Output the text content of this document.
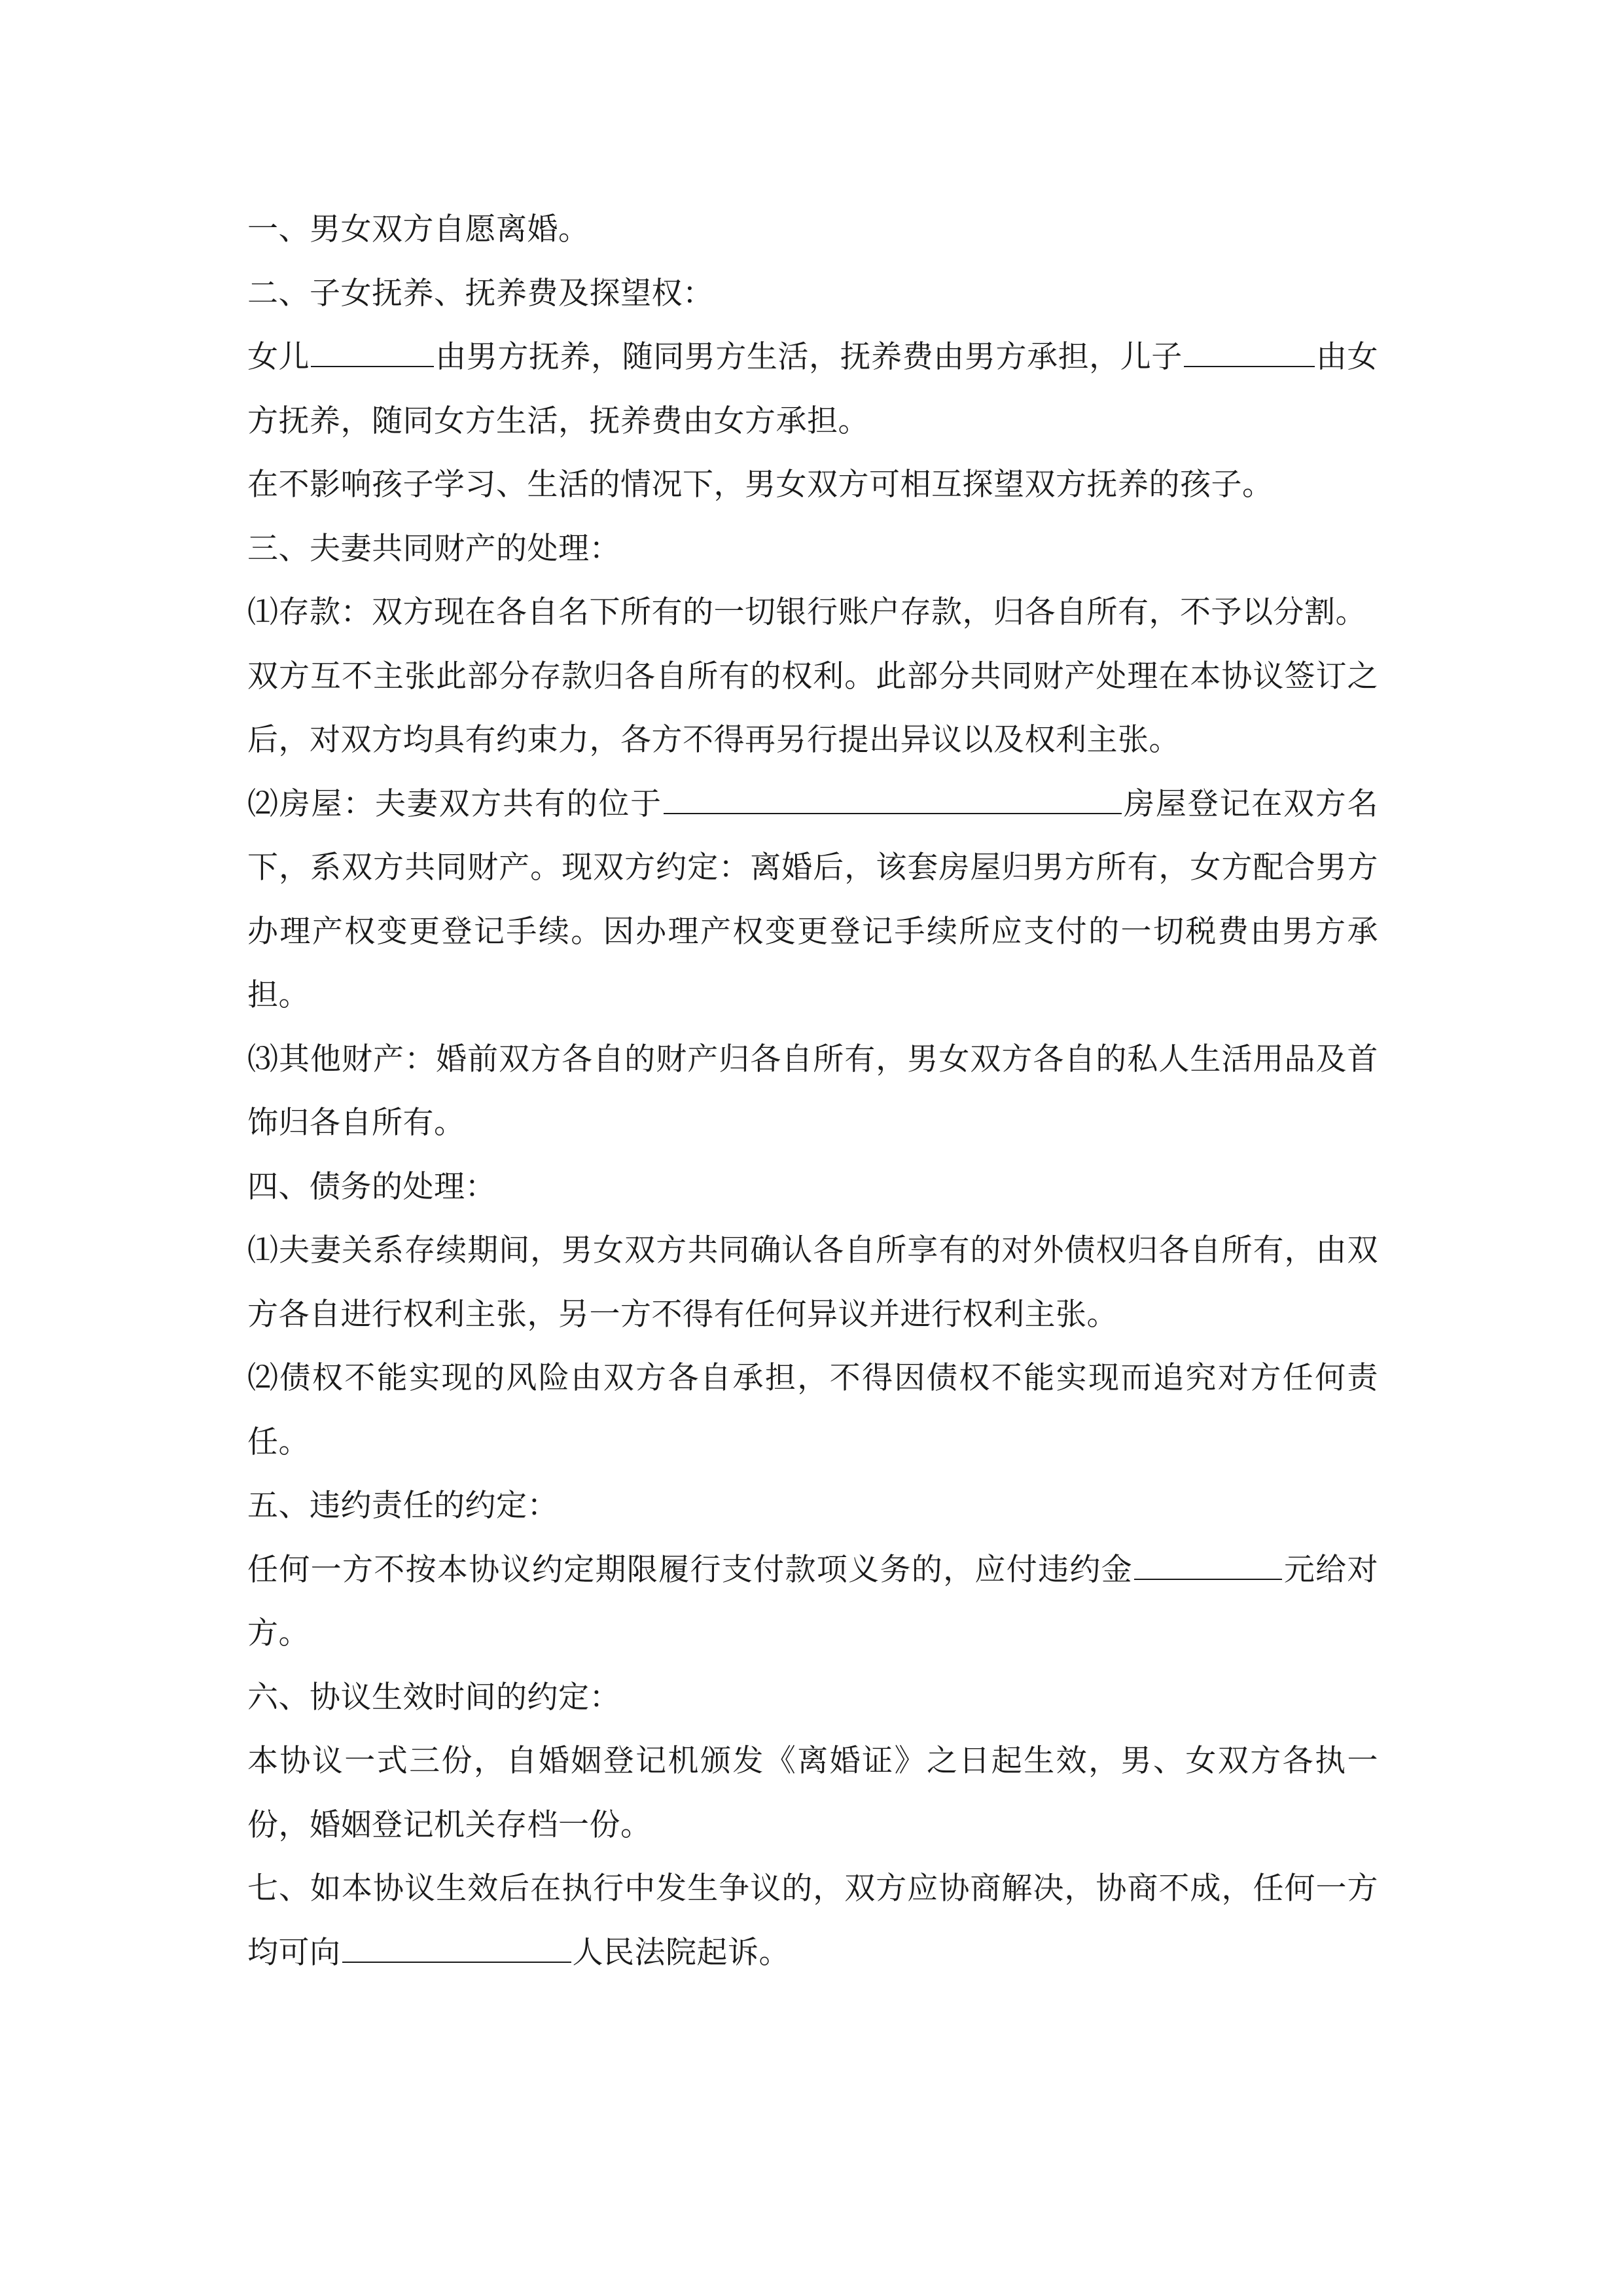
一、男女双方自愿离婚。

二、子女抚养、抚养费及探望权：

女儿	由男方抚养，随同男方生活，抚养费由男方承担，儿子	由女方抚养，随同女方生活，抚养费由女方承担。

在不影响孩子学习、生活的情况下，男女双方可相互探望双方抚养的孩子。

三、夫妻共同财产的处理：

⑴存款：双方现在各自名下所有的一切银行账户存款，归各自所有，不予以分割。

双方互不主张此部分存款归各自所有的权利。此部分共同财产处理在本协议签订之后，对双方均具有约束力，各方不得再另行提出异议以及权利主张。

⑵房屋：夫妻双方共有的位于	房屋登记在双方名下，系双方共同财产。现双方约定：离婚后，该套房屋归男方所有，女方配合男方办理产权变更登记手续。因办理产权变更登记手续所应支付的一切税费由男方承担。

⑶其他财产：婚前双方各自的财产归各自所有，男女双方各自的私人生活用品及首饰归各自所有。

四、债务的处理：

⑴夫妻关系存续期间，男女双方共同确认各自所享有的对外债权归各自所有，由双方各自进行权利主张，另一方不得有任何异议并进行权利主张。

⑵债权不能实现的风险由双方各自承担，不得因债权不能实现而追究对方任何责任。

五、违约责任的约定：

任何一方不按本协议约定期限履行支付款项义务的，应付违约金	元给对方。

六、协议生效时间的约定：

本协议一式三份，自婚姻登记机颁发《离婚证》之日起生效，男、女双方各执一份，婚姻登记机关存档一份。

七、如本协议生效后在执行中发生争议的，双方应协商解决，协商不成，任何一方均可向	人民法院起诉。
